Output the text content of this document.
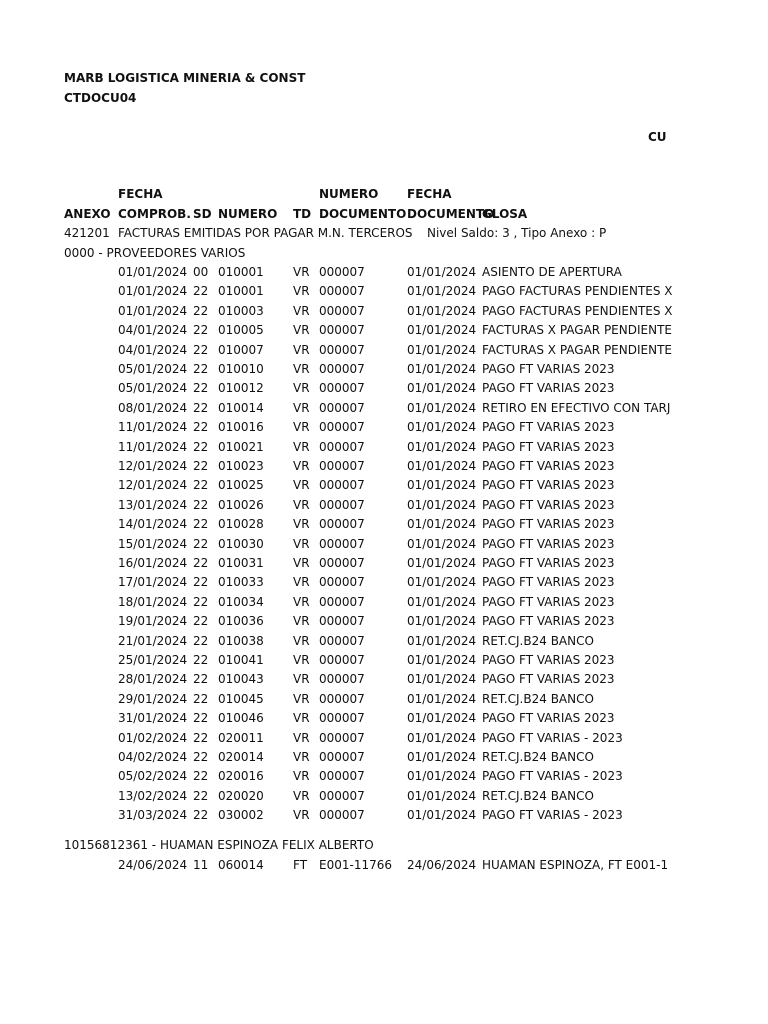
MARB LOGISTICA MINERIA & CONST
CTDOCU04
CU
FECHA	NUMERO FECHA
ANEXO COMPROB. SD NUMERO TD DOCUMENTO DOCUMENTO
GLOSA
421201 FACTURAS EMITIDAS POR PAGAR M.N. TERCEROS Nivel Saldo: 3 , Tipo Anexo : P
0000 - PROVEEDORES VARIOS
01/01/2024 00 010001 VR 000007	01/01/2024 ASIENTO DE APERTURA
01/01/2024 22 010001 VR 000007	01/01/2024 PAGO FACTURAS PENDIENTES X
01/01/2024 22 010003 VR 000007	01/01/2024 PAGO FACTURAS PENDIENTES X
04/01/2024 22 010005 VR 000007	01/01/2024 FACTURAS X PAGAR PENDIENTE
04/01/2024 22 010007 VR 000007	01/01/2024 FACTURAS X PAGAR PENDIENTE
05/01/2024 22 010010 VR 000007	01/01/2024 PAGO FT VARIAS 2023
05/01/2024 22 010012 VR 000007	01/01/2024 PAGO FT VARIAS 2023
08/01/2024 22 010014 VR 000007	01/01/2024 RETIRO EN EFECTIVO CON TARJ
11/01/2024 22 010016 VR 000007	01/01/2024 PAGO FT VARIAS 2023
11/01/2024 22 010021 VR 000007	01/01/2024 PAGO FT VARIAS 2023
12/01/2024 22 010023 VR 000007	01/01/2024 PAGO FT VARIAS 2023
12/01/2024 22 010025 VR 000007	01/01/2024 PAGO FT VARIAS 2023
13/01/2024 22 010026 VR 000007	01/01/2024 PAGO FT VARIAS 2023
14/01/2024 22 010028 VR 000007	01/01/2024 PAGO FT VARIAS 2023
15/01/2024 22 010030 VR 000007	01/01/2024 PAGO FT VARIAS 2023
16/01/2024 22 010031 VR 000007	01/01/2024 PAGO FT VARIAS 2023
17/01/2024 22 010033 VR 000007	01/01/2024 PAGO FT VARIAS 2023
18/01/2024 22 010034 VR 000007	01/01/2024 PAGO FT VARIAS 2023
19/01/2024 22 010036 VR 000007	01/01/2024 PAGO FT VARIAS 2023
21/01/2024 22 010038 VR 000007	01/01/2024 RET.CJ.B24 BANCO
25/01/2024 22 010041 VR 000007	01/01/2024 PAGO FT VARIAS 2023
28/01/2024 22 010043 VR 000007	01/01/2024 PAGO FT VARIAS 2023
29/01/2024 22 010045 VR 000007	01/01/2024 RET.CJ.B24 BANCO
31/01/2024 22 010046 VR 000007	01/01/2024 PAGO FT VARIAS 2023
01/02/2024 22 020011 VR 000007	01/01/2024 PAGO FT VARIAS - 2023
04/02/2024 22 020014 VR 000007	01/01/2024 RET.CJ.B24 BANCO
05/02/2024 22 020016 VR 000007	01/01/2024 PAGO FT VARIAS - 2023
13/02/2024 22 020020 VR 000007	01/01/2024 RET.CJ.B24 BANCO
31/03/2024 22 030002 VR 000007	01/01/2024 PAGO FT VARIAS - 2023
10156812361 - HUAMAN ESPINOZA FELIX ALBERTO
24/06/2024 11 060014 FT E001-11766 24/06/2024 HUAMAN ESPINOZA, FT E001-1
